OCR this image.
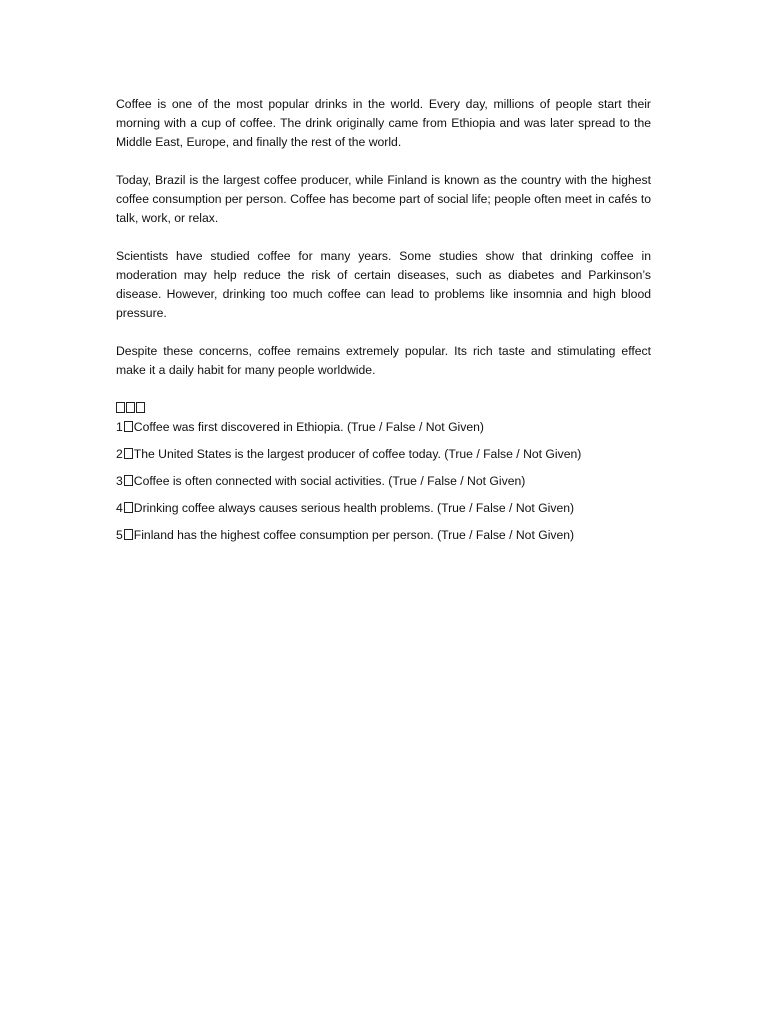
Coffee is one of the most popular drinks in the world. Every day, millions of people start their morning with a cup of coffee. The drink originally came from Ethiopia and was later spread to the Middle East, Europe, and finally the rest of the world.

Today, Brazil is the largest coffee producer, while Finland is known as the country with the highest coffee consumption per person. Coffee has become part of social life; people often meet in cafés to talk, work, or relax.

Scientists have studied coffee for many years. Some studies show that drinking coffee in moderation may help reduce the risk of certain diseases, such as diabetes and Parkinson’s disease. However, drinking too much coffee can lead to problems like insomnia and high blood pressure.

Despite these concerns, coffee remains extremely popular. Its rich taste and stimulating effect make it a daily habit for many people worldwide.

1 Coffee was first discovered in Ethiopia. (True / False / Not Given)
2 The United States is the largest producer of coffee today. (True / False / Not Given)
3 Coffee is often connected with social activities. (True / False / Not Given)
4 Drinking coffee always causes serious health problems. (True / False / Not Given)
5 Finland has the highest coffee consumption per person. (True / False / Not Given)
